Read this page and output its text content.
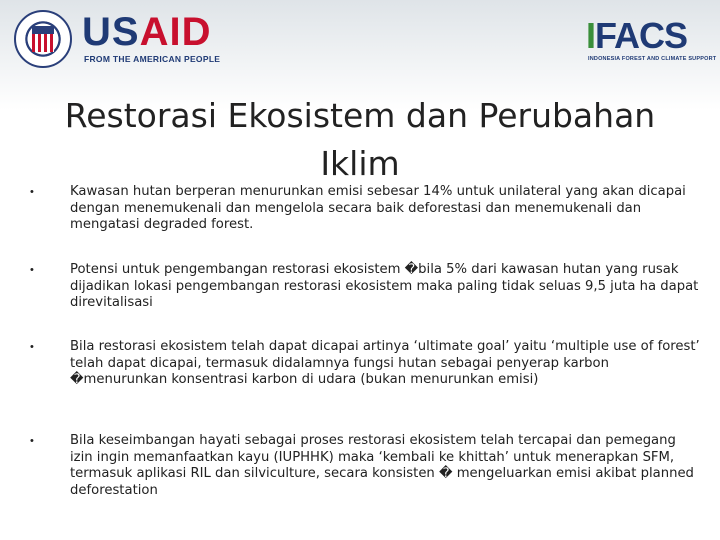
USAID
FROM THE AMERICAN PEOPLE
IFACS
INDONESIA FOREST AND CLIMATE SUPPORT
Restorasi Ekosistem dan Perubahan Iklim
•	Kawasan hutan berperan menurunkan emisi sebesar 14% untuk unilateral yang akan dicapai dengan menemukenali dan mengelola secara baik deforestasi dan menemukenali dan mengatasi degraded forest.
•	Potensi untuk pengembangan restorasi ekosistem �bila 5% dari kawasan hutan yang rusak dijadikan lokasi pengembangan restorasi ekosistem maka paling tidak seluas 9,5 juta ha dapat direvitalisasi
•	Bila restorasi ekosistem telah dapat dicapai artinya ‘ultimate goal’ yaitu ‘multiple use of forest’ telah dapat dicapai, termasuk didalamnya fungsi hutan sebagai penyerap karbon �menurunkan konsentrasi karbon di udara (bukan menurunkan emisi)
•	Bila keseimbangan hayati sebagai proses restorasi ekosistem telah tercapai dan pemegang izin ingin memanfaatkan kayu (IUPHHK) maka ‘kembali ke khittah’ untuk menerapkan SFM, termasuk aplikasi RIL dan silviculture, secara konsisten � mengeluarkan emisi akibat planned deforestation
